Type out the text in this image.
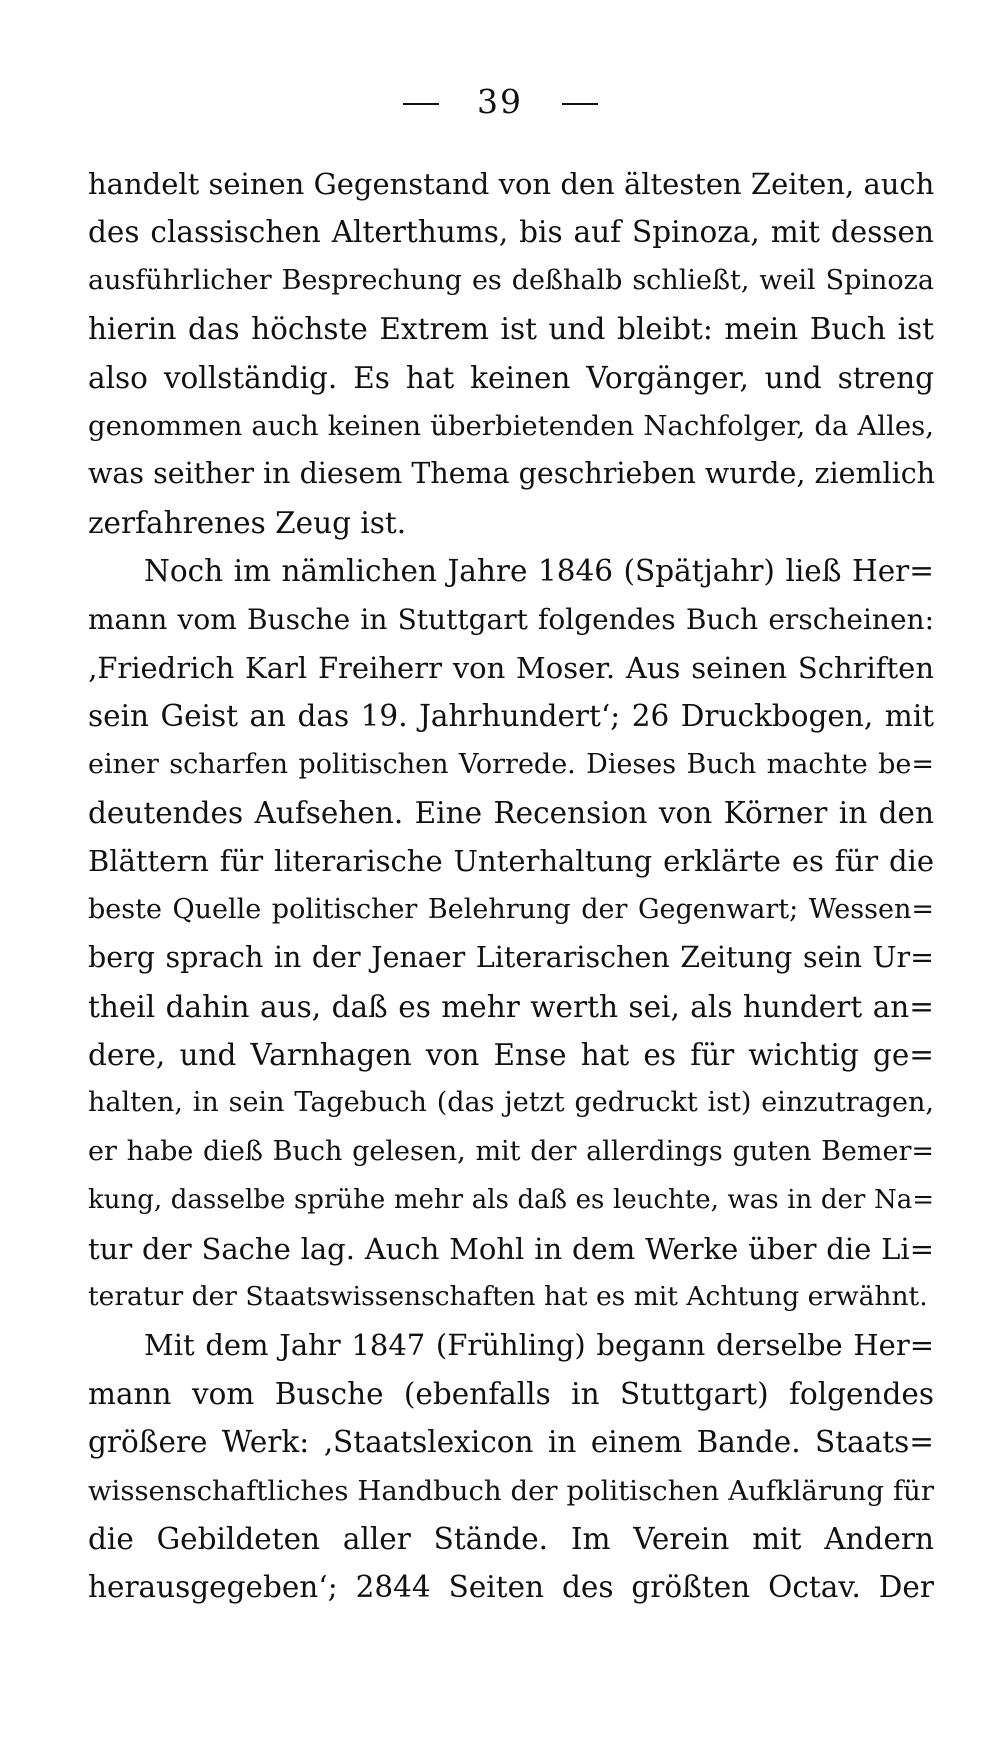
39
handelt seinen Gegenstand von den ältesten Zeiten, auch
des classischen Alterthums, bis auf Spinoza, mit dessen
ausführlicher Besprechung es deßhalb schließt, weil Spinoza
hierin das höchste Extrem ist und bleibt: mein Buch ist
also vollständig. Es hat keinen Vorgänger, und streng
genommen auch keinen überbietenden Nachfolger, da Alles,
was seither in diesem Thema geschrieben wurde, ziemlich
zerfahrenes Zeug ist.
Noch im nämlichen Jahre 1846 (Spätjahr) ließ Her=
mann vom Busche in Stuttgart folgendes Buch erscheinen:
‚Friedrich Karl Freiherr von Moser. Aus seinen Schriften
sein Geist an das 19. Jahrhundert‘; 26 Druckbogen, mit
einer scharfen politischen Vorrede. Dieses Buch machte be=
deutendes Aufsehen. Eine Recension von Körner in den
Blättern für literarische Unterhaltung erklärte es für die
beste Quelle politischer Belehrung der Gegenwart; Wessen=
berg sprach in der Jenaer Literarischen Zeitung sein Ur=
theil dahin aus, daß es mehr werth sei, als hundert an=
dere, und Varnhagen von Ense hat es für wichtig ge=
halten, in sein Tagebuch (das jetzt gedruckt ist) einzutragen,
er habe dieß Buch gelesen, mit der allerdings guten Bemer=
kung, dasselbe sprühe mehr als daß es leuchte, was in der Na=
tur der Sache lag. Auch Mohl in dem Werke über die Li=
teratur der Staatswissenschaften hat es mit Achtung erwähnt.
Mit dem Jahr 1847 (Frühling) begann derselbe Her=
mann vom Busche (ebenfalls in Stuttgart) folgendes
größere Werk: ‚Staatslexicon in einem Bande. Staats=
wissenschaftliches Handbuch der politischen Aufklärung für
die Gebildeten aller Stände. Im Verein mit Andern
herausgegeben‘; 2844 Seiten des größten Octav. Der
